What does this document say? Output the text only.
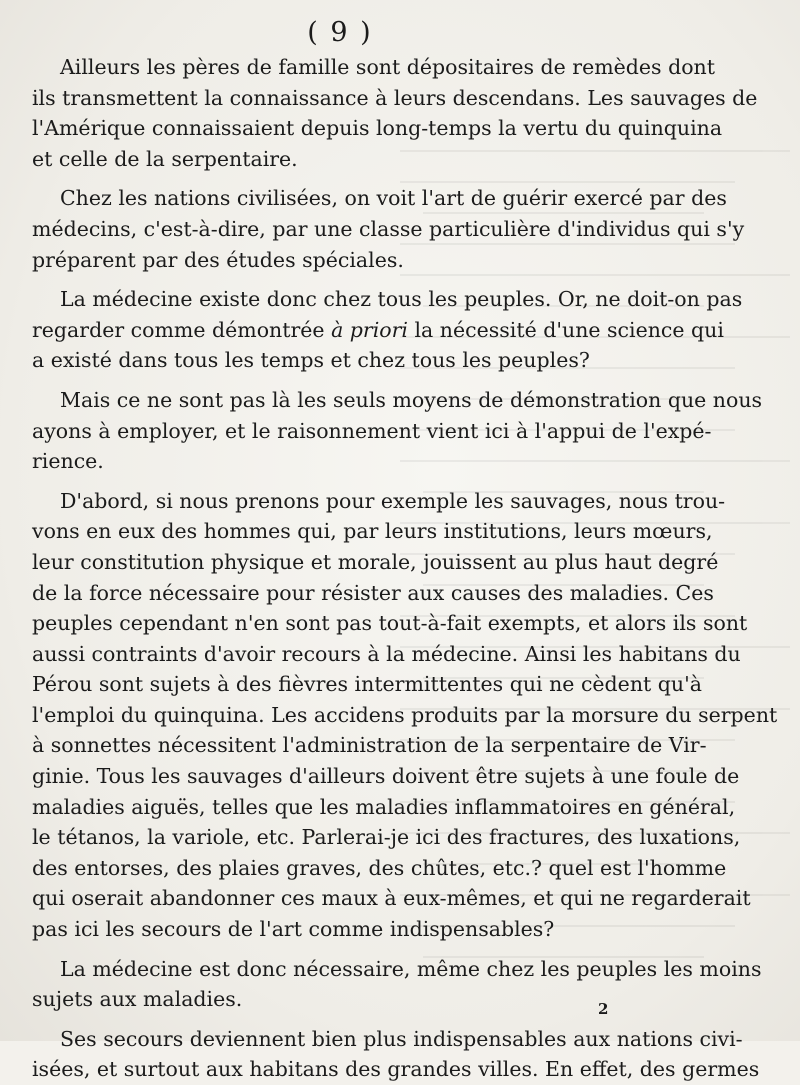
( 9 )
Ailleurs les pères de famille sont dépositaires de remèdes dont
ils transmettent la connaissance à leurs descendans. Les sauvages de
l'Amérique connaissaient depuis long-temps la vertu du quinquina
et celle de la serpentaire.
Chez les nations civilisées, on voit l'art de guérir exercé par des
médecins, c'est-à-dire, par une classe particulière d'individus qui s'y
préparent par des études spéciales.
La médecine existe donc chez tous les peuples. Or, ne doit-on pas
regarder comme démontrée à priori la nécessité d'une science qui
a existé dans tous les temps et chez tous les peuples?
Mais ce ne sont pas là les seuls moyens de démonstration que nous
ayons à employer, et le raisonnement vient ici à l'appui de l'expé-
rience.
D'abord, si nous prenons pour exemple les sauvages, nous trou-
vons en eux des hommes qui, par leurs institutions, leurs mœurs,
leur constitution physique et morale, jouissent au plus haut degré
de la force nécessaire pour résister aux causes des maladies. Ces
peuples cependant n'en sont pas tout-à-fait exempts, et alors ils sont
aussi contraints d'avoir recours à la médecine. Ainsi les habitans du
Pérou sont sujets à des fièvres intermittentes qui ne cèdent qu'à
l'emploi du quinquina. Les accidens produits par la morsure du serpent
à sonnettes nécessitent l'administration de la serpentaire de Vir-
ginie. Tous les sauvages d'ailleurs doivent être sujets à une foule de
maladies aiguës, telles que les maladies inflammatoires en général,
le tétanos, la variole, etc. Parlerai-je ici des fractures, des luxations,
des entorses, des plaies graves, des chûtes, etc.? quel est l'homme
qui oserait abandonner ces maux à eux-mêmes, et qui ne regarderait
pas ici les secours de l'art comme indispensables?
La médecine est donc nécessaire, même chez les peuples les moins
sujets aux maladies.
Ses secours deviennent bien plus indispensables aux nations civi-
isées, et surtout aux habitans des grandes villes. En effet, des germes
2
